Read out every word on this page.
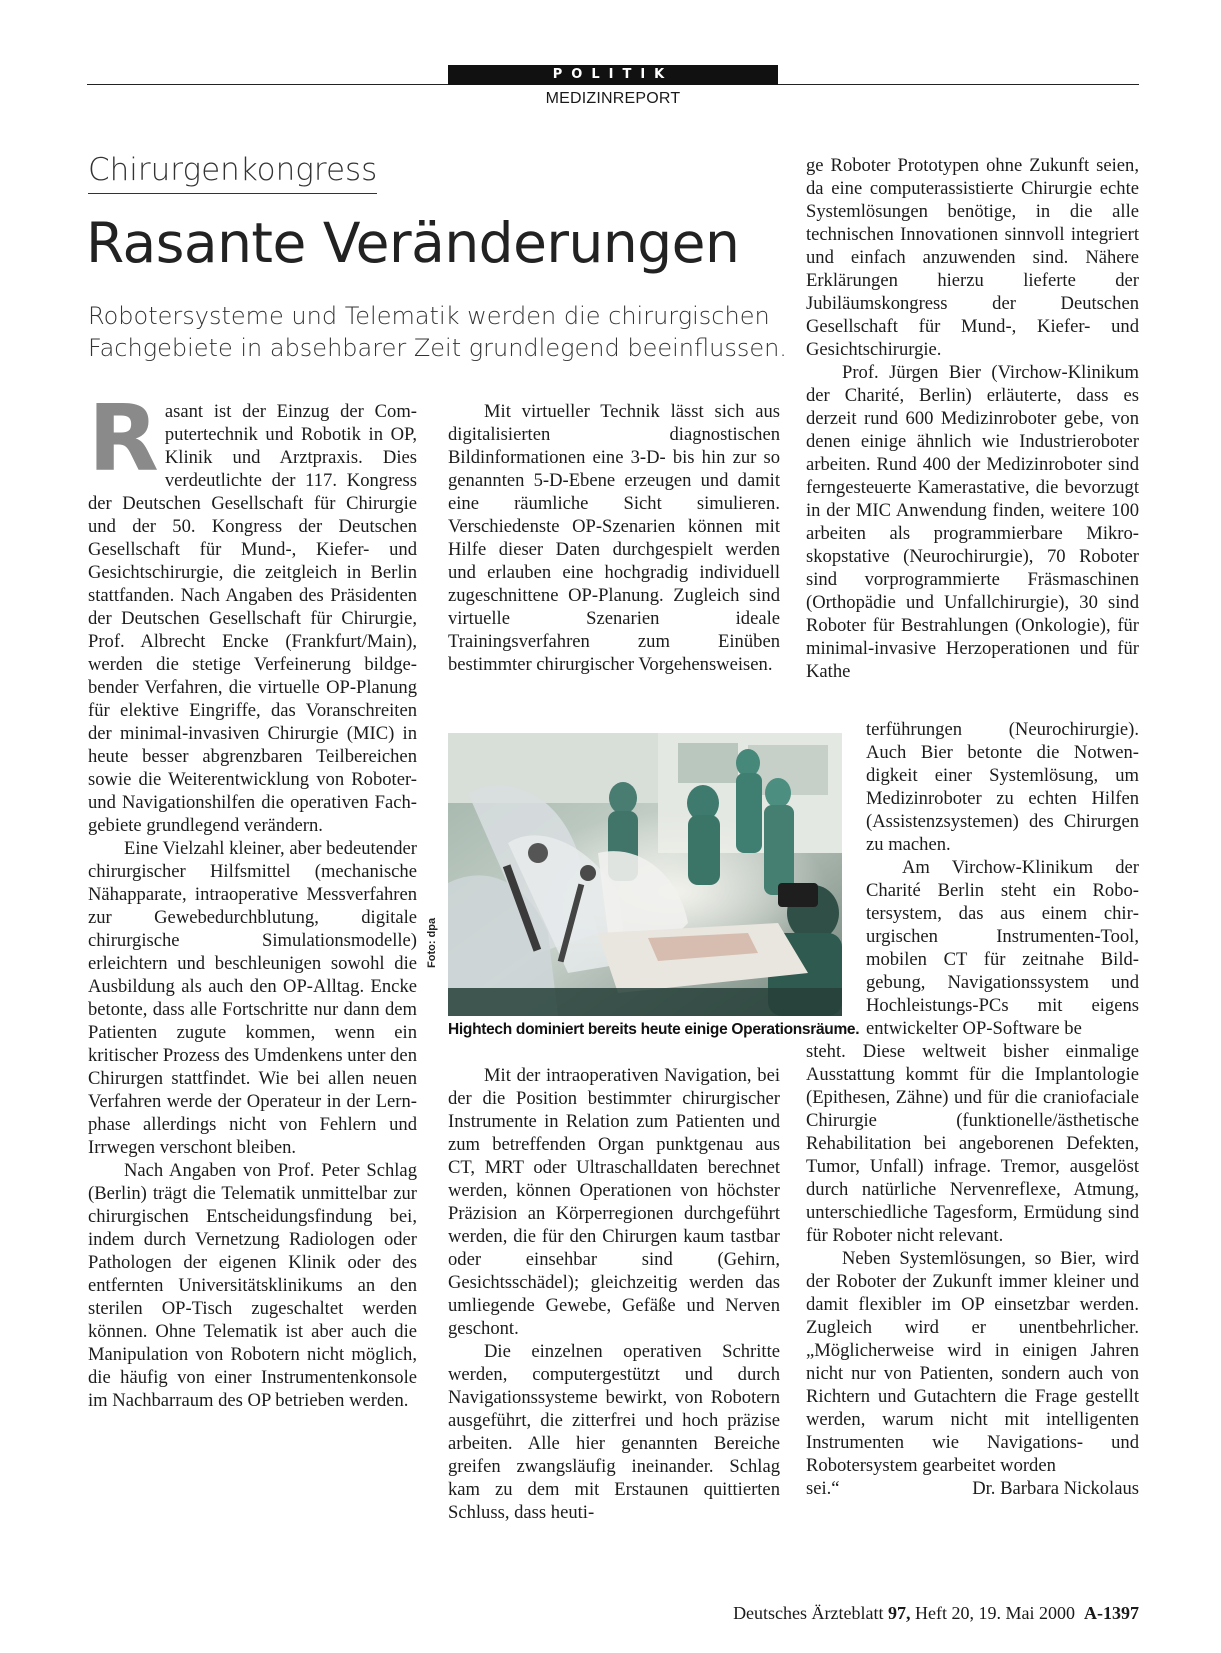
POLITIK
MEDIZINREPORT
Chirurgenkongress
Rasante Veränderungen

Robotersysteme und Telematik werden die chirurgischen
Fachgebiete in absehbarer Zeit grundlegend beeinflussen.

Rasant ist der Einzug der Computertechnik und Robotik in OP, Klinik und Arztpraxis. Dies verdeutlichte der 117. Kongress der Deutschen Gesellschaft für Chirurgie und der 50. Kongress der Deutschen Gesellschaft für Mund-, Kiefer- und Gesichtschirurgie, die zeitgleich in Berlin stattfanden. Nach Angaben des Präsidenten der Deutschen Gesellschaft für Chirurgie, Prof. Albrecht Encke (Frankfurt/Main), werden die stetige Verfeinerung bildgebender Verfahren, die virtuelle OP-Planung für elektive Eingriffe, das Voranschreiten der minimal-invasiven Chirurgie (MIC) in heute besser abgrenzbaren Teilbereichen sowie die Weiterentwicklung von Roboter- und Navigationshilfen die operativen Fachgebiete grundlegend verändern.

Eine Vielzahl kleiner, aber bedeutender chirurgischer Hilfsmittel (mechanische Nähapparate, intraoperative Messverfahren zur Gewebedurchblutung, digitale chirurgische Simulationsmodelle) erleichtern und beschleunigen sowohl die Ausbildung als auch den OP-Alltag. Encke betonte, dass alle Fortschritte nur dann dem Patienten zugute kommen, wenn ein kritischer Prozess des Umdenkens unter den Chirurgen stattfindet. Wie bei allen neuen Verfahren werde der Operateur in der Lernphase allerdings nicht von Fehlern und Irrwegen verschont bleiben.

Nach Angaben von Prof. Peter Schlag (Berlin) trägt die Telematik unmittelbar zur chirurgischen Entscheidungsfindung bei, indem durch Vernetzung Radiologen oder Pathologen der eigenen Klinik oder des entfernten Universitätsklinikums an den sterilen OP-Tisch zugeschaltet werden können. Ohne Telematik ist aber auch die Manipulation von Robotern nicht möglich, die häufig von einer Instrumentenkonsole im Nachbarraum des OP betrieben werden.

Mit virtueller Technik lässt sich aus digitalisierten diagnostischen Bildinformationen eine 3-D- bis hin zur so genannten 5-D-Ebene erzeugen und damit eine räumliche Sicht simulieren. Verschiedenste OP-Szenarien können mit Hilfe dieser Daten durchgespielt werden und erlauben eine hochgradig individuell zugeschnittene OP-Planung. Zugleich sind virtuelle Szenarien ideale Trainingsverfahren zum Einüben bestimmter chirurgischer Vorgehensweisen.

Foto: dpa
Hightech dominiert bereits heute einige Operationsräume.

Mit der intraoperativen Navigation, bei der die Position bestimmter chirurgischer Instrumente in Relation zum Patienten und zum betreffenden Organ punktgenau aus CT, MRT oder Ultraschalldaten berechnet werden, können Operationen von höchster Präzision an Körperregionen durchgeführt werden, die für den Chirurgen kaum tastbar oder einsehbar sind (Gehirn, Gesichtsschädel); gleichzeitig werden das umliegende Gewebe, Gefäße und Nerven geschont.

Die einzelnen operativen Schritte werden, computergestützt und durch Navigationssysteme bewirkt, von Robotern ausgeführt, die zitterfrei und hoch präzise arbeiten. Alle hier genannten Bereiche greifen zwangsläufig ineinander. Schlag kam zu dem mit Erstaunen quittierten Schluss, dass heuti-

ge Roboter Prototypen ohne Zukunft seien, da eine computerassistierte Chirurgie echte Systemlösungen benötige, in die alle technischen Innovationen sinnvoll integriert und einfach anzuwenden sind. Nähere Erklärungen hierzu lieferte der Jubiläumskongress der Deutschen Gesellschaft für Mund-, Kiefer- und Gesichtschirurgie.

Prof. Jürgen Bier (Virchow-Klinikum der Charité, Berlin) erläuterte, dass es derzeit rund 600 Medizinroboter gebe, von denen einige ähnlich wie Industrieroboter arbeiten. Rund 400 der Medizinroboter sind ferngesteuerte Kamerastative, die bevorzugt in der MIC Anwendung finden, weitere 100 arbeiten als programmierbare Mikroskopstative (Neurochirurgie), 70 Roboter sind vorprogrammierte Fräsmaschinen (Orthopädie und Unfallchirurgie), 30 sind Roboter für Bestrahlungen (Onkologie), für minimal-invasive Herzoperationen und für Kathe

terführungen (Neurochirurgie). Auch Bier betonte die Notwendigkeit einer Systemlösung, um Medizinroboter zu echten Hilfen (Assistenzsystemen) des Chirurgen zu machen.

Am Virchow-Klinikum der Charité Berlin steht ein Robotersystem, das aus einem chirurgischen Instrumenten-Tool, mobilen CT für zeitnahe Bildgebung, Navigationssystem und Hochleistungs-PCs mit eigens entwickelter OP-Software be

steht. Diese weltweit bisher einmalige Ausstattung kommt für die Implantologie (Epithesen, Zähne) und für die craniofaciale Chirurgie (funktionelle/ästhetische Rehabilitation bei angeborenen Defekten, Tumor, Unfall) infrage. Tremor, ausgelöst durch natürliche Nervenreflexe, Atmung, unterschiedliche Tagesform, Ermüdung sind für Roboter nicht relevant.

Neben Systemlösungen, so Bier, wird der Roboter der Zukunft immer kleiner und damit flexibler im OP einsetzbar werden. Zugleich wird er unentbehrlicher. „Möglicherweise wird in einigen Jahren nicht nur von Patienten, sondern auch von Richtern und Gutachtern die Frage gestellt werden, warum nicht mit intelligenten Instrumenten wie Navigations- und Robotersystem gearbeitet worden

sei.“	Dr. Barbara Nickolaus

Deutsches Ärzteblatt 97, Heft 20, 19. Mai 2000 A-1397
